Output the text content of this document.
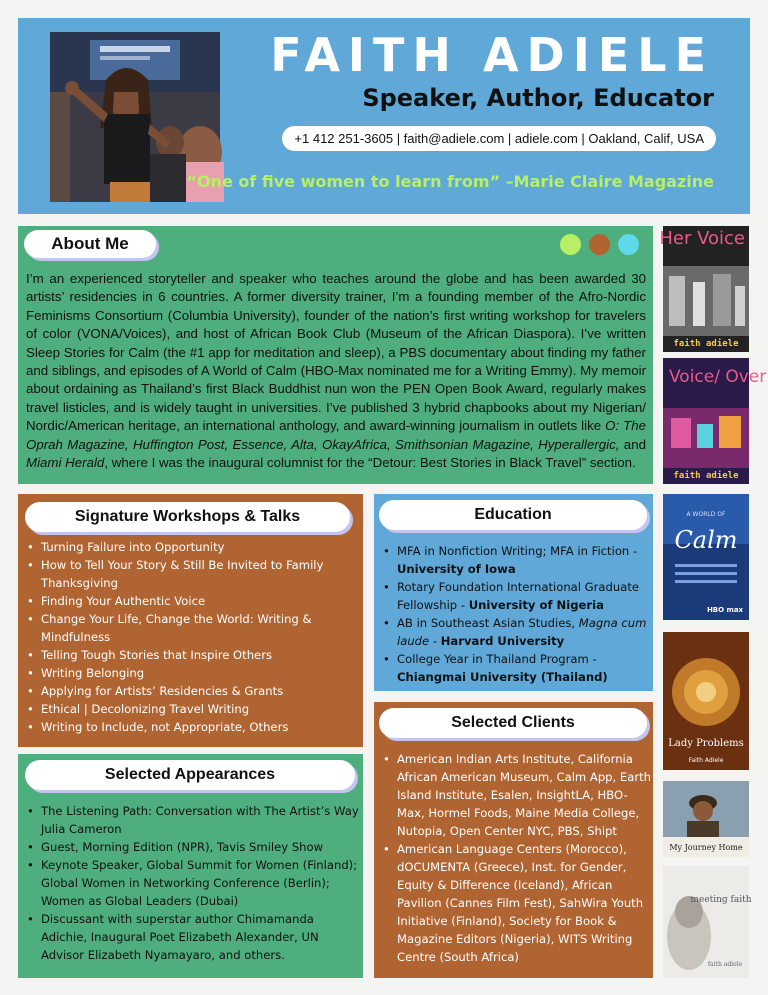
FAITH ADIELE
Speaker, Author, Educator
+1 412 251-3605 | faith@adiele.com | adiele.com | Oakland, Calif, USA
“One of five women to learn from” –Marie Claire Magazine
About Me
I’m an experienced storyteller and speaker who teaches around the globe and has been awarded 30 artists’ residencies in 6 countries. A former diversity trainer, I’m a founding member of the Afro-Nordic Feminisms Consortium (Columbia University), founder of the nation’s first writing workshop for travelers of color (VONA/Voices), and host of African Book Club (Museum of the African Diaspora). I’ve written Sleep Stories for Calm (the #1 app for meditation and sleep), a PBS documentary about finding my father and siblings, and episodes of A World of Calm (HBO-Max nominated me for a Writing Emmy). My memoir about ordaining as Thailand’s first Black Buddhist nun won the PEN Open Book Award, regularly makes travel listicles, and is widely taught in universities. I’ve published 3 hybrid chapbooks about my Nigerian/ Nordic/American heritage, an international anthology, and award-winning journalism in outlets like O: The Oprah Magazine, Huffington Post, Essence, Alta, OkayAfrica, Smithsonian Magazine, Hyperallergic, and Miami Herald, where I was the inaugural columnist for the “Detour: Best Stories in Black Travel” section.
Signature Workshops & Talks
• Turning Failure into Opportunity
• How to Tell Your Story & Still Be Invited to Family Thanksgiving
• Finding Your Authentic Voice
• Change Your Life, Change the World: Writing & Mindfulness
• Telling Tough Stories that Inspire Others
• Writing Belonging
• Applying for Artists’ Residencies & Grants
• Ethical | Decolonizing Travel Writing
• Writing to Include, not Appropriate, Others
Selected Appearances
• The Listening Path: Conversation with The Artist’s Way Julia Cameron
• Guest, Morning Edition (NPR), Tavis Smiley Show
• Keynote Speaker, Global Summit for Women (Finland); Global Women in Networking Conference (Berlin); Women as Global Leaders (Dubai)
• Discussant with superstar author Chimamanda Adichie, Inaugural Poet Elizabeth Alexander, UN Advisor Elizabeth Nyamayaro, and others.
Education
• MFA in Nonfiction Writing; MFA in Fiction - University of Iowa
• Rotary Foundation International Graduate Fellowship - University of Nigeria
• AB in Southeast Asian Studies, Magna cum laude - Harvard University
• College Year in Thailand Program - Chiangmai University (Thailand)
Selected Clients
• American Indian Arts Institute, California African American Museum, Calm App, Earth Island Institute, Esalen, InsightLA, HBO-Max, Hormel Foods, Maine Media College, Nutopia, Open Center NYC, PBS, Shipt
• American Language Centers (Morocco), dOCUMENTA (Greece), Inst. for Gender, Equity & Difference (Iceland), African Pavilion (Cannes Film Fest), SahWira Youth Initiative (Finland), Society for Book & Magazine Editors (Nigeria), WITS Writing Centre (South Africa)
Her Voice
faith adiele
Voice/ Over
faith adiele
A WORLD OF
Calm
HBO max
Lady Problems
Faith Adiele
My Journey Home
meeting faith
faith adiele
